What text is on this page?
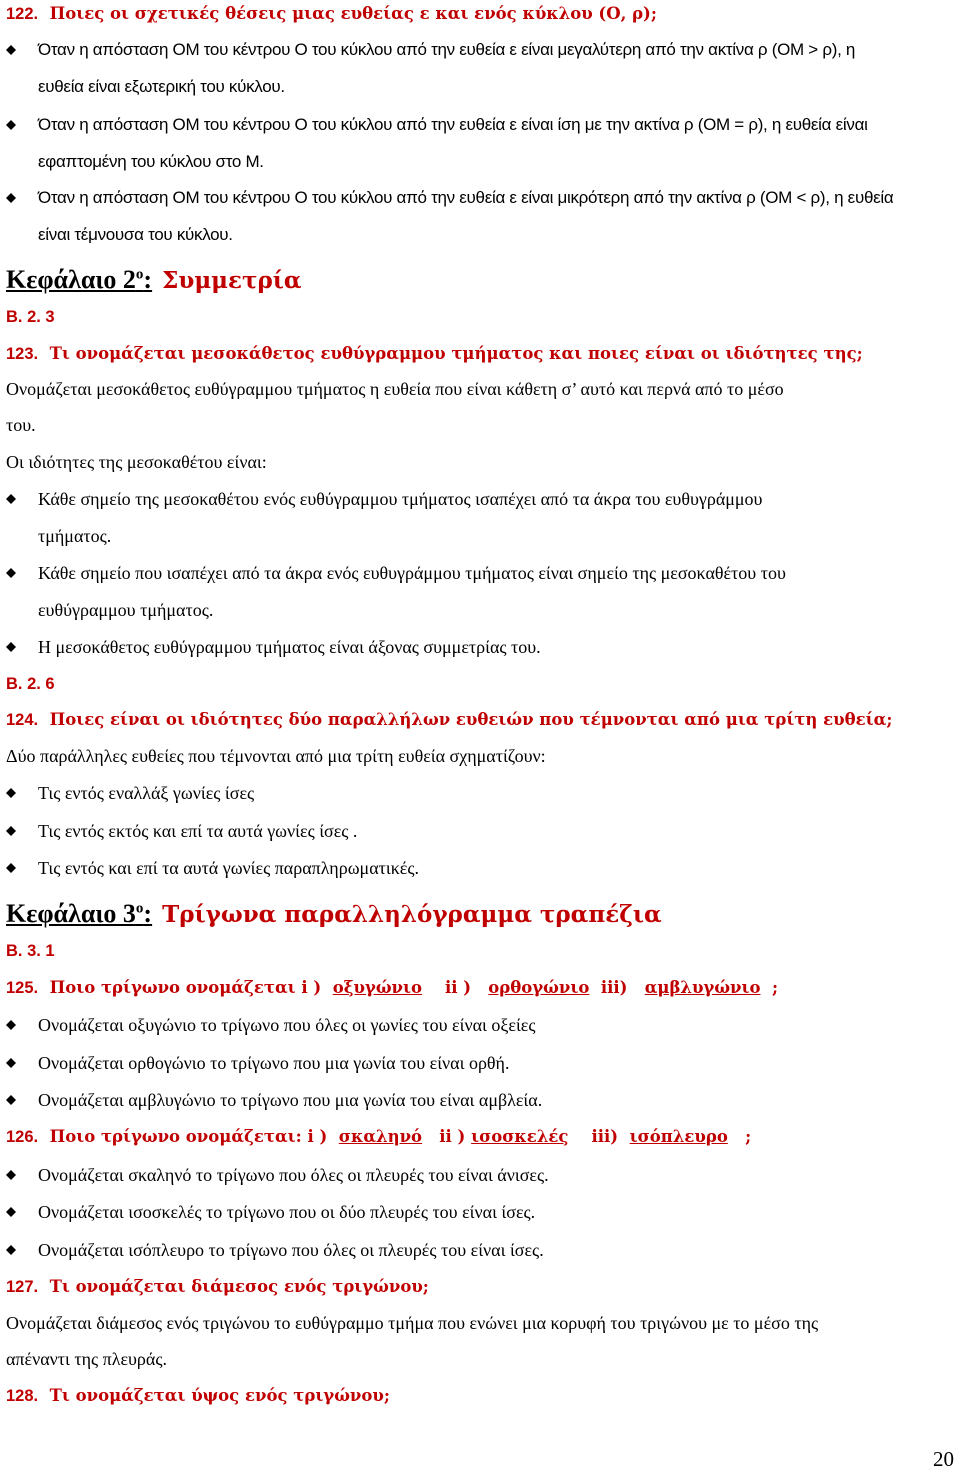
122. Ποιες οι σχετικές θέσεις μιας ευθείας ε και ενός κύκλου (Ο, ρ);
Όταν η απόσταση ΟΜ του κέντρου Ο του κύκλου από την ευθεία ε είναι μεγαλύτερη από την ακτίνα ρ (ΟΜ > ρ), η
ευθεία είναι εξωτερική του κύκλου.
Όταν η απόσταση ΟΜ του κέντρου Ο του κύκλου από την ευθεία ε είναι ίση με την ακτίνα ρ (ΟΜ = ρ), η ευθεία είναι
εφαπτομένη του κύκλου στο Μ.
Όταν η απόσταση ΟΜ του κέντρου Ο του κύκλου από την ευθεία ε είναι μικρότερη από την ακτίνα ρ (ΟΜ < ρ), η ευθεία
είναι τέμνουσα του κύκλου.
Κεφάλαιο $2^o$: Συμμετρία
Β. 2. 3
123. Τι ονομάζεται μεσοκάθετος ευθύγραμμου τμήματος και ποιες είναι οι ιδιότητες της;
Ονομάζεται μεσοκάθετος ευθύγραμμου τμήματος η ευθεία που είναι κάθετη σ’ αυτό και περνά από το μέσο
του.
Οι ιδιότητες της μεσοκαθέτου είναι:
Κάθε σημείο της μεσοκαθέτου ενός ευθύγραμμου τμήματος ισαπέχει από τα άκρα του ευθυγράμμου
τμήματος.
Κάθε σημείο που ισαπέχει από τα άκρα ενός ευθυγράμμου τμήματος είναι σημείο της μεσοκαθέτου του
ευθύγραμμου τμήματος.
Η μεσοκάθετος ευθύγραμμου τμήματος είναι άξονας συμμετρίας του.
Β. 2. 6
124. Ποιες είναι οι ιδιότητες δύο παραλλήλων ευθειών που τέμνονται από μια τρίτη ευθεία;
Δύο παράλληλες ευθείες που τέμνονται από μια τρίτη ευθεία σχηματίζουν:
Τις εντός εναλλάξ γωνίες ίσες
Τις εντός εκτός και επί τα αυτά γωνίες ίσες .
Τις εντός και επί τα αυτά γωνίες παραπληρωματικές.
Κεφάλαιο $3^o$: Τρίγωνα παραλληλόγραμμα τραπέζια
Β. 3. 1
125. Ποιο τρίγωνο ονομάζεται i ) οξυγώνιο ii ) ορθογώνιο iii) αμβλυγώνιο ;
Ονομάζεται οξυγώνιο το τρίγωνο που όλες οι γωνίες του είναι οξείες
Ονομάζεται ορθογώνιο το τρίγωνο που μια γωνία του είναι ορθή.
Ονομάζεται αμβλυγώνιο το τρίγωνο που μια γωνία του είναι αμβλεία.
126. Ποιο τρίγωνο ονομάζεται: i ) σκαληνό ii ) ισοσκελές iii) ισόπλευρο ;
Ονομάζεται σκαληνό το τρίγωνο που όλες οι πλευρές του είναι άνισες.
Ονομάζεται ισοσκελές το τρίγωνο που οι δύο πλευρές του είναι ίσες.
Ονομάζεται ισόπλευρο το τρίγωνο που όλες οι πλευρές του είναι ίσες.
127. Τι ονομάζεται διάμεσος ενός τριγώνου;
Ονομάζεται διάμεσος ενός τριγώνου το ευθύγραμμο τμήμα που ενώνει μια κορυφή του τριγώνου με το μέσο της
απέναντι της πλευράς.
128. Τι ονομάζεται ύψος ενός τριγώνου;
20
